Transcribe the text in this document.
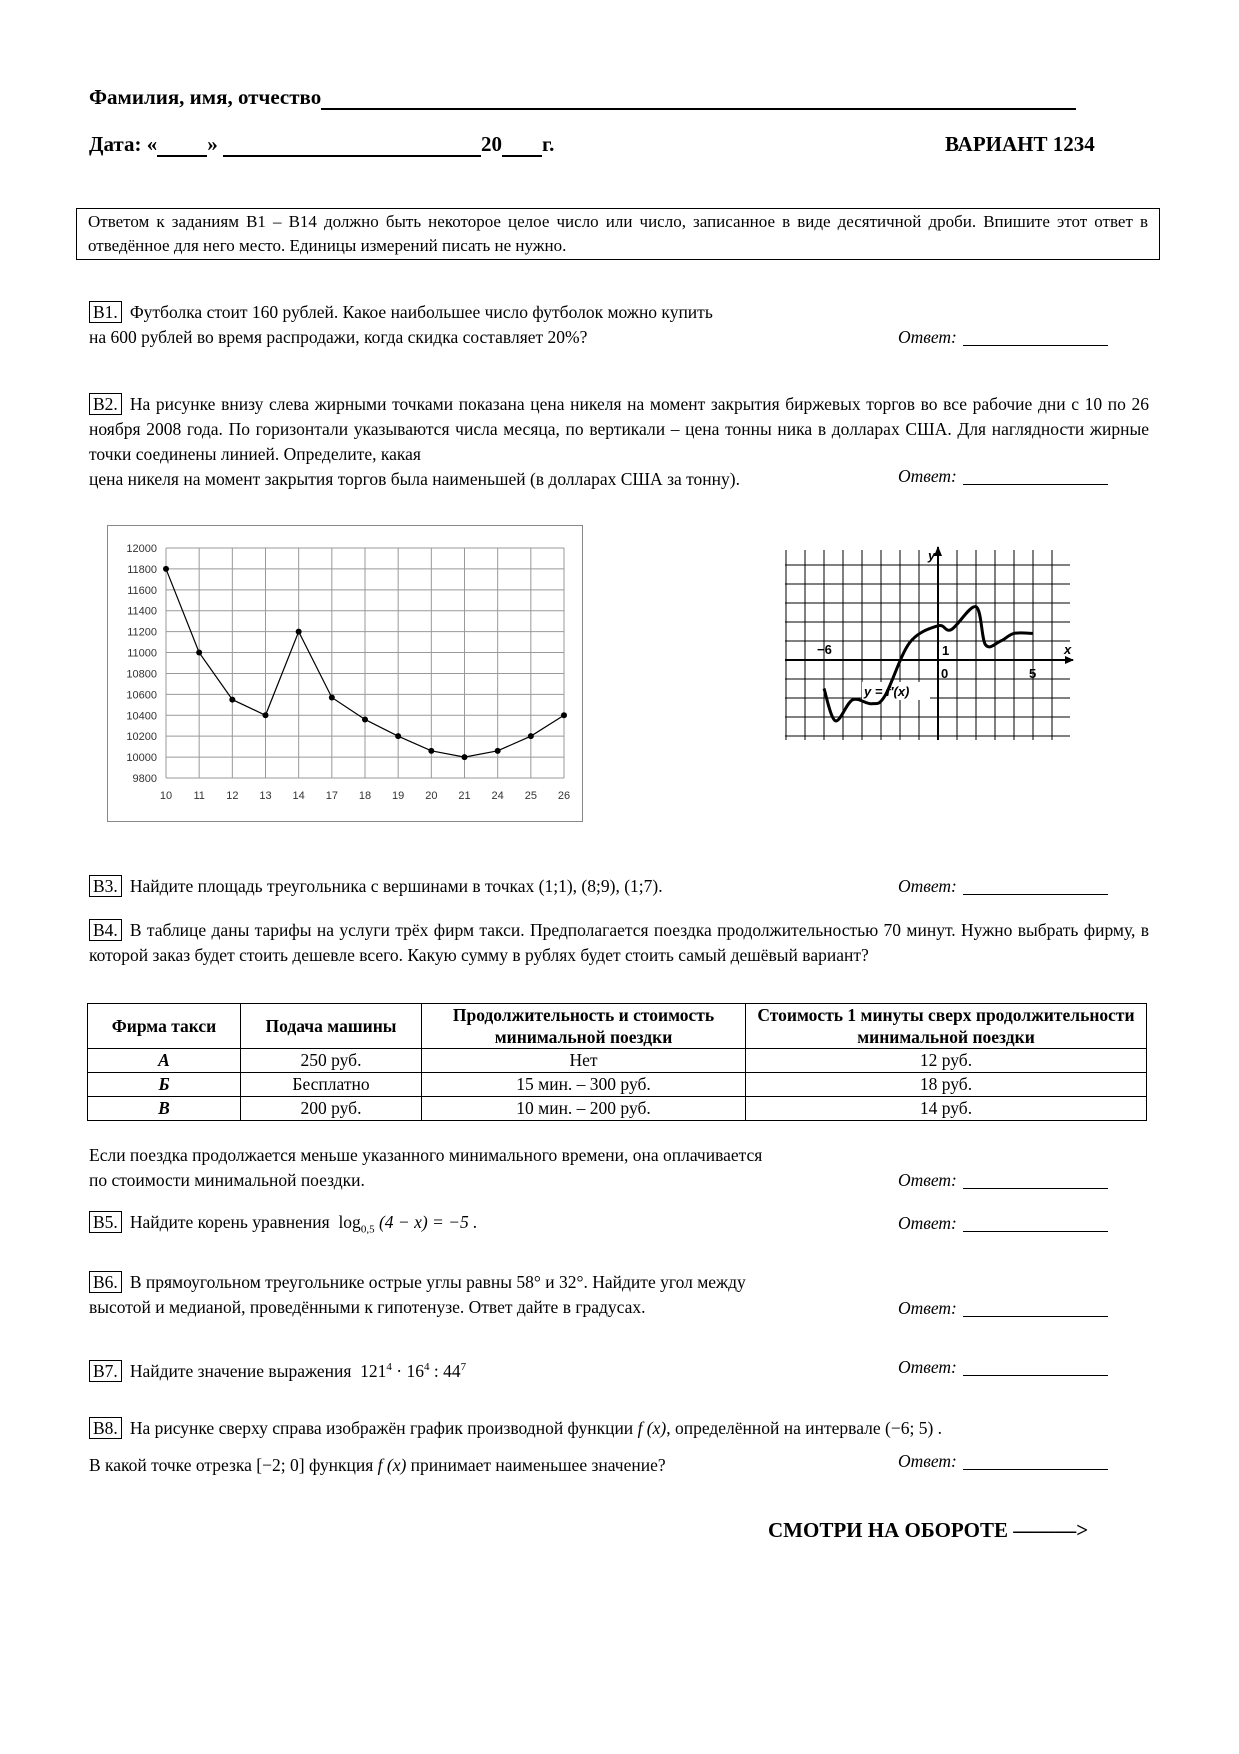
Фамилия, имя, отчество
Дата: « »	20 г.	ВАРИАНТ 1234
Ответом к заданиям В1 – В14 должно быть некоторое целое число или число, записанное в виде десятичной дроби. Впишите этот ответ в отведённое для него место. Единицы измерений писать не нужно.
B1. Футболка стоит 160 рублей. Какое наибольшее число футболок можно купить
на 600 рублей во время распродажи, когда скидка составляет 20%?	Ответ:
B2. На рисунке внизу слева жирными точками показана цена никеля на момент закрытия биржевых торгов во все рабочие дни с 10 по 26 ноября 2008 года. По горизонтали указываются числа месяца, по вертикали – цена тонны ника в долларах США. Для наглядности жирные точки соединены линией. Определите, какая
цена никеля на момент закрытия торгов была наименьшей (в долларах США за тонну).	Ответ:
12000
11800
11600
11400
11200
11000
10800
10600
10400
10200
10000
9800
10 11 12 13 14 17 18 19 20 21 24 25 26
x
y
−6
5
0
1
y = f′(x)
B3. Найдите площадь треугольника с вершинами в точках (1;1), (8;9), (1;7).	Ответ:
B4. В таблице даны тарифы на услуги трёх фирм такси. Предполагается поездка продолжительностью 70 минут. Нужно выбрать фирму, в которой заказ будет стоить дешевле всего. Какую сумму в рублях будет стоить самый дешёвый вариант?
Фирма такси	Подача машины	Продолжительность и стоимость минимальной поездки	Стоимость 1 минуты сверх продолжительности минимальной поездки
А	250 руб.	Нет	12 руб.
Б	Бесплатно	15 мин. – 300 руб.	18 руб.
В	200 руб.	10 мин. – 200 руб.	14 руб.
Если поездка продолжается меньше указанного минимального времени, она оплачивается
по стоимости минимальной поездки.	Ответ:
B5. Найдите корень уравнения $\log_{0,5} (4 - x) = -5$ .	Ответ:
B6. В прямоугольном треугольнике острые углы равны 58° и 32°. Найдите угол между
высотой и медианой, проведёнными к гипотенузе. Ответ дайте в градусах.	Ответ:
B7. Найдите значение выражения $121^4 \cdot 16^4$ : $44^7$	Ответ:
B8. На рисунке сверху справа изображён график производной функции f (x), определённой на интервале (−6; 5) .
В какой точке отрезка [−2; 0] функция f (x) принимает наименьшее значение?	Ответ:
СМОТРИ НА ОБОРОТЕ ———>
